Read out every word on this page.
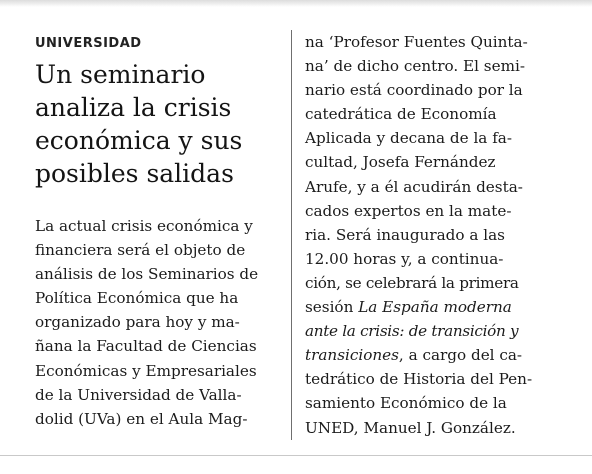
UNIVERSIDAD

Un seminario
analiza la crisis
económica y sus
posibles salidas
La actual crisis económica y
financiera será el objeto de
análisis de los Seminarios de
Política Económica que ha
organizado para hoy y ma-
ñana la Facultad de Ciencias
Económicas y Empresariales
de la Universidad de Valla-
dolid (UVa) en el Aula Mag-
na ‘Profesor Fuentes Quinta-
na’ de dicho centro. El semi-
nario está coordinado por la
catedrática de Economía
Aplicada y decana de la fa-
cultad, Josefa Fernández
Arufe, y a él acudirán desta-
cados expertos en la mate-
ria. Será inaugurado a las
12.00 horas y, a continua-
ción, se celebrará la primera
sesión La España moderna
ante la crisis: de transición y
transiciones, a cargo del ca-
tedrático de Historia del Pen-
samiento Económico de la
UNED, Manuel J. González.
